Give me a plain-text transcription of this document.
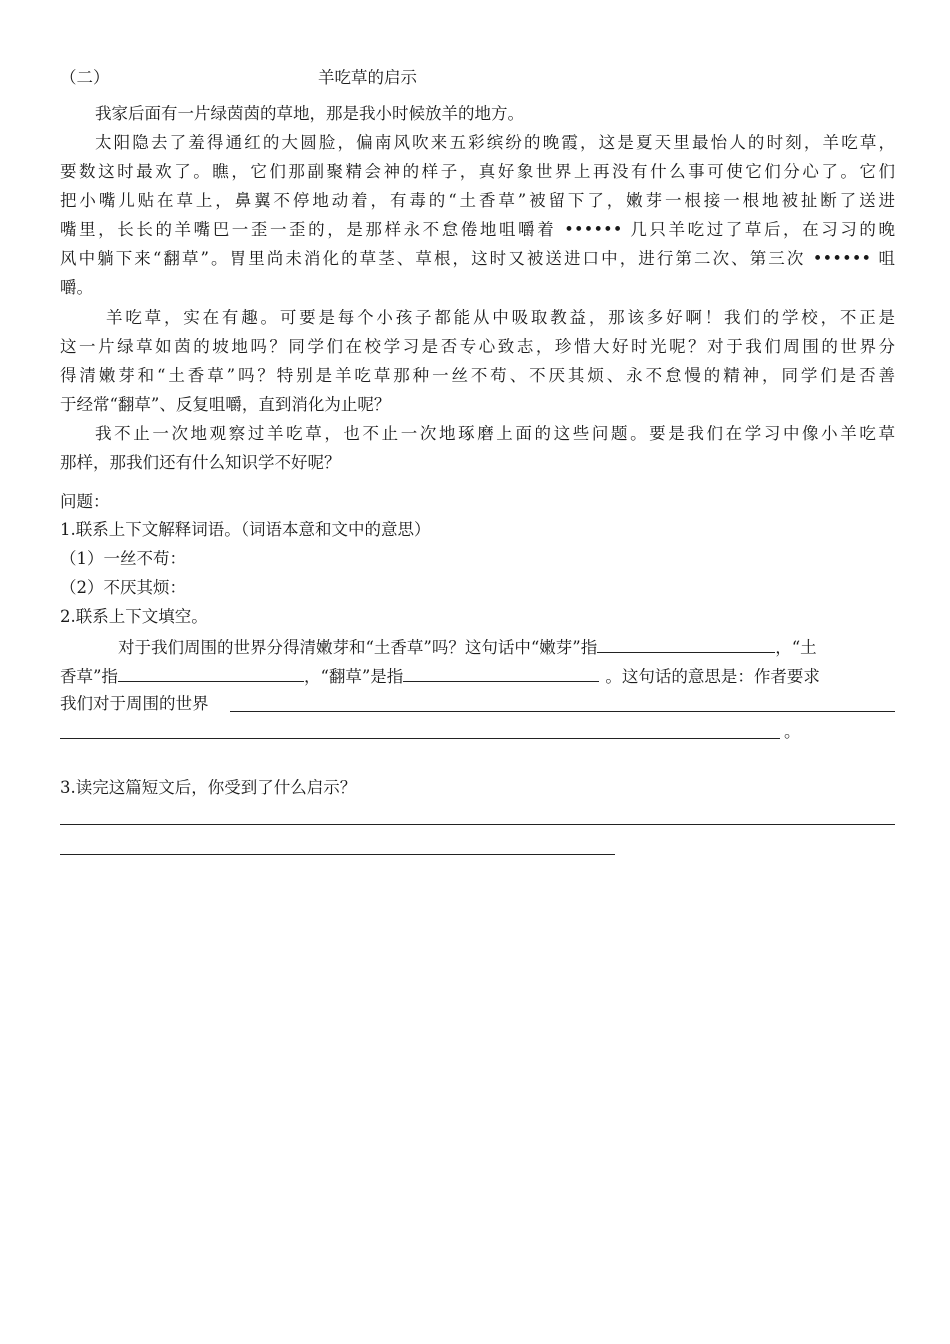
（二）	羊吃草的启示
我家后面有一片绿茵茵的草地，那是我小时候放羊的地方。
太阳隐去了羞得通红的大圆脸，偏南风吹来五彩缤纷的晚霞，这是夏天里最怡人的时刻，羊吃草，
要数这时最欢了。瞧，它们那副聚精会神的样子，真好象世界上再没有什么事可使它们分心了。它们
把小嘴儿贴在草上，鼻翼不停地动着，有毒的“土香草”被留下了，嫩芽一根接一根地被扯断了送进
嘴里，长长的羊嘴巴一歪一歪的，是那样永不怠倦地咀嚼着 •••••• 几只羊吃过了草后，在习习的晚
风中躺下来“翻草”。胃里尚未消化的草茎、草根，这时又被送进口中，进行第二次、第三次 •••••• 咀
嚼。
羊吃草，实在有趣。可要是每个小孩子都能从中吸取教益，那该多好啊！我们的学校，不正是
这一片绿草如茵的坡地吗？同学们在校学习是否专心致志，珍惜大好时光呢？对于我们周围的世界分
得清嫩芽和“土香草”吗？特别是羊吃草那种一丝不苟、不厌其烦、永不怠慢的精神，同学们是否善
于经常“翻草”、反复咀嚼，直到消化为止呢？
我不止一次地观察过羊吃草，也不止一次地琢磨上面的这些问题。要是我们在学习中像小羊吃草
那样，那我们还有什么知识学不好呢？
问题：
1.联系上下文解释词语。（词语本意和文中的意思）
（1）一丝不苟：
（2）不厌其烦：
2.联系上下文填空。
对于我们周围的世界分得清嫩芽和“土香草”吗？这句话中“嫩芽”指	，“土
香草”指	，“翻草”是指	。这句话的意思是：作者要求
我们对于周围的世界
。
3.读完这篇短文后，你受到了什么启示？
